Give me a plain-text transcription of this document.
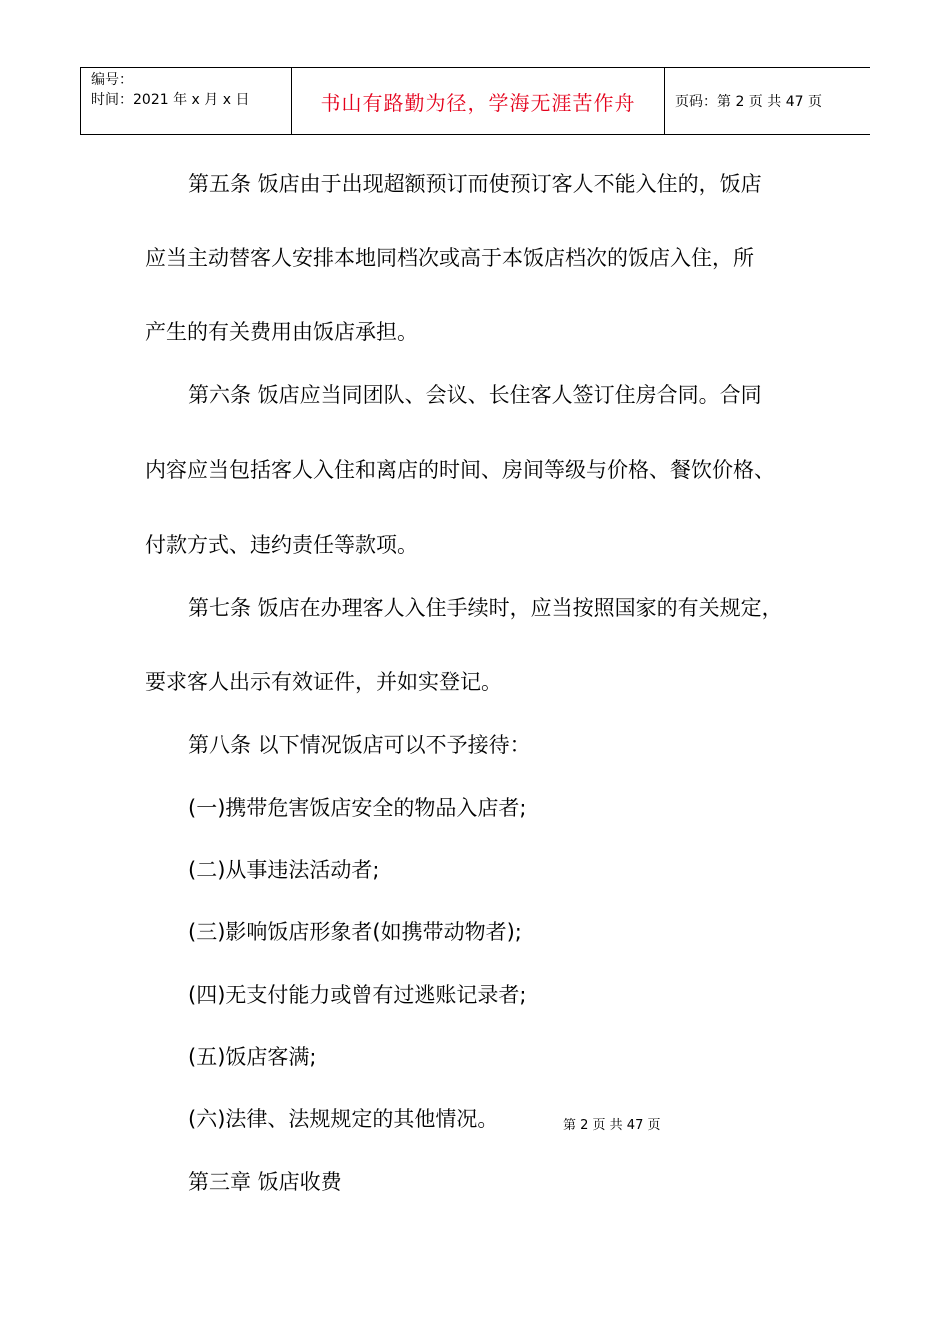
编号：
时间：2021 年 x 月 x 日	书山有路勤为径，学海无涯苦作舟	页码：第 2 页 共 47 页
第五条 饭店由于出现超额预订而使预订客人不能入住的，饭店
应当主动替客人安排本地同档次或高于本饭店档次的饭店入住，所
产生的有关费用由饭店承担。
第六条 饭店应当同团队、会议、长住客人签订住房合同。合同
内容应当包括客人入住和离店的时间、房间等级与价格、餐饮价格、
付款方式、违约责任等款项。
第七条 饭店在办理客人入住手续时，应当按照国家的有关规定，
要求客人出示有效证件，并如实登记。
第八条 以下情况饭店可以不予接待：
(一)携带危害饭店安全的物品入店者;
(二)从事违法活动者;
(三)影响饭店形象者(如携带动物者);
(四)无支付能力或曾有过逃账记录者;
(五)饭店客满;
(六)法律、法规规定的其他情况。	第 2 页 共 47 页
第三章 饭店收费
